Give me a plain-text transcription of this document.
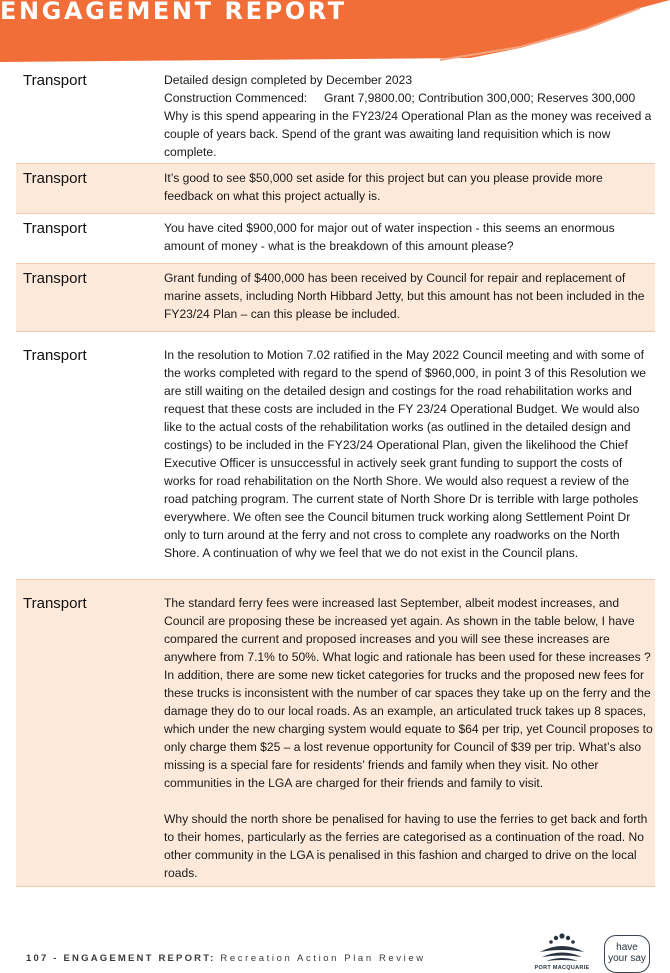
ENGAGEMENT REPORT
Transport	Detailed design completed by December 2023

Construction Commenced:     Grant 7,9800.00; Contribution 300,000; Reserves 300,000

Why is this spend appearing in the FY23/24 Operational Plan as the money was received a couple of years back. Spend of the grant was awaiting land requisition which is now complete.

Transport	It’s good to see $50,000 set aside for this project but can you please provide more feedback on what this project actually is.

Transport	You have cited $900,000 for major out of water inspection - this seems an enormous amount of money - what is the breakdown of this amount please?

Transport	Grant funding of $400,000 has been received by Council for repair and replacement of marine assets, including North Hibbard Jetty, but this amount has not been included in the FY23/24 Plan – can this please be included.

Transport	In the resolution to Motion 7.02 ratified in the May 2022 Council meeting and with some of the works completed with regard to the spend of $960,000, in point 3 of this Resolution we are still waiting on the detailed design and costings for the road rehabilitation works and request that these costs are included in the FY 23/24 Operational Budget. We would also like to the actual costs of the rehabilitation works (as outlined in the detailed design and costings) to be included in the FY23/24 Operational Plan, given the likelihood the Chief Executive Officer is unsuccessful in actively seek grant funding to support the costs of works for road rehabilitation on the North Shore. We would also request a review of the road patching program. The current state of North Shore Dr is terrible with large potholes everywhere. We often see the Council bitumen truck working along Settlement Point Dr only to turn around at the ferry and not cross to complete any roadworks on the North Shore. A continuation of why we feel that we do not exist in the Council plans.

Transport	The standard ferry fees were increased last September, albeit modest increases, and Council are proposing these be increased yet again. As shown in the table below, I have compared the current and proposed increases and you will see these increases are anywhere from 7.1% to 50%. What logic and rationale has been used for these increases ? In addition, there are some new ticket categories for trucks and the proposed new fees for these trucks is inconsistent with the number of car spaces they take up on the ferry and the damage they do to our local roads. As an example, an articulated truck takes up 8 spaces, which under the new charging system would equate to $64 per trip, yet Council proposes to only charge them $25 – a lost revenue opportunity for Council of $39 per trip. What’s also missing is a special fare for residents’ friends and family when they visit. No other communities in the LGA are charged for their friends and family to visit.

Why should the north shore be penalised for having to use the ferries to get back and forth to their homes, particularly as the ferries are categorised as a continuation of the road. No other community in the LGA is penalised in this fashion and charged to drive on the local roads.

107 - ENGAGEMENT REPORT: Recreation Action Plan Review
PORT MACQUARIE
have
your say
